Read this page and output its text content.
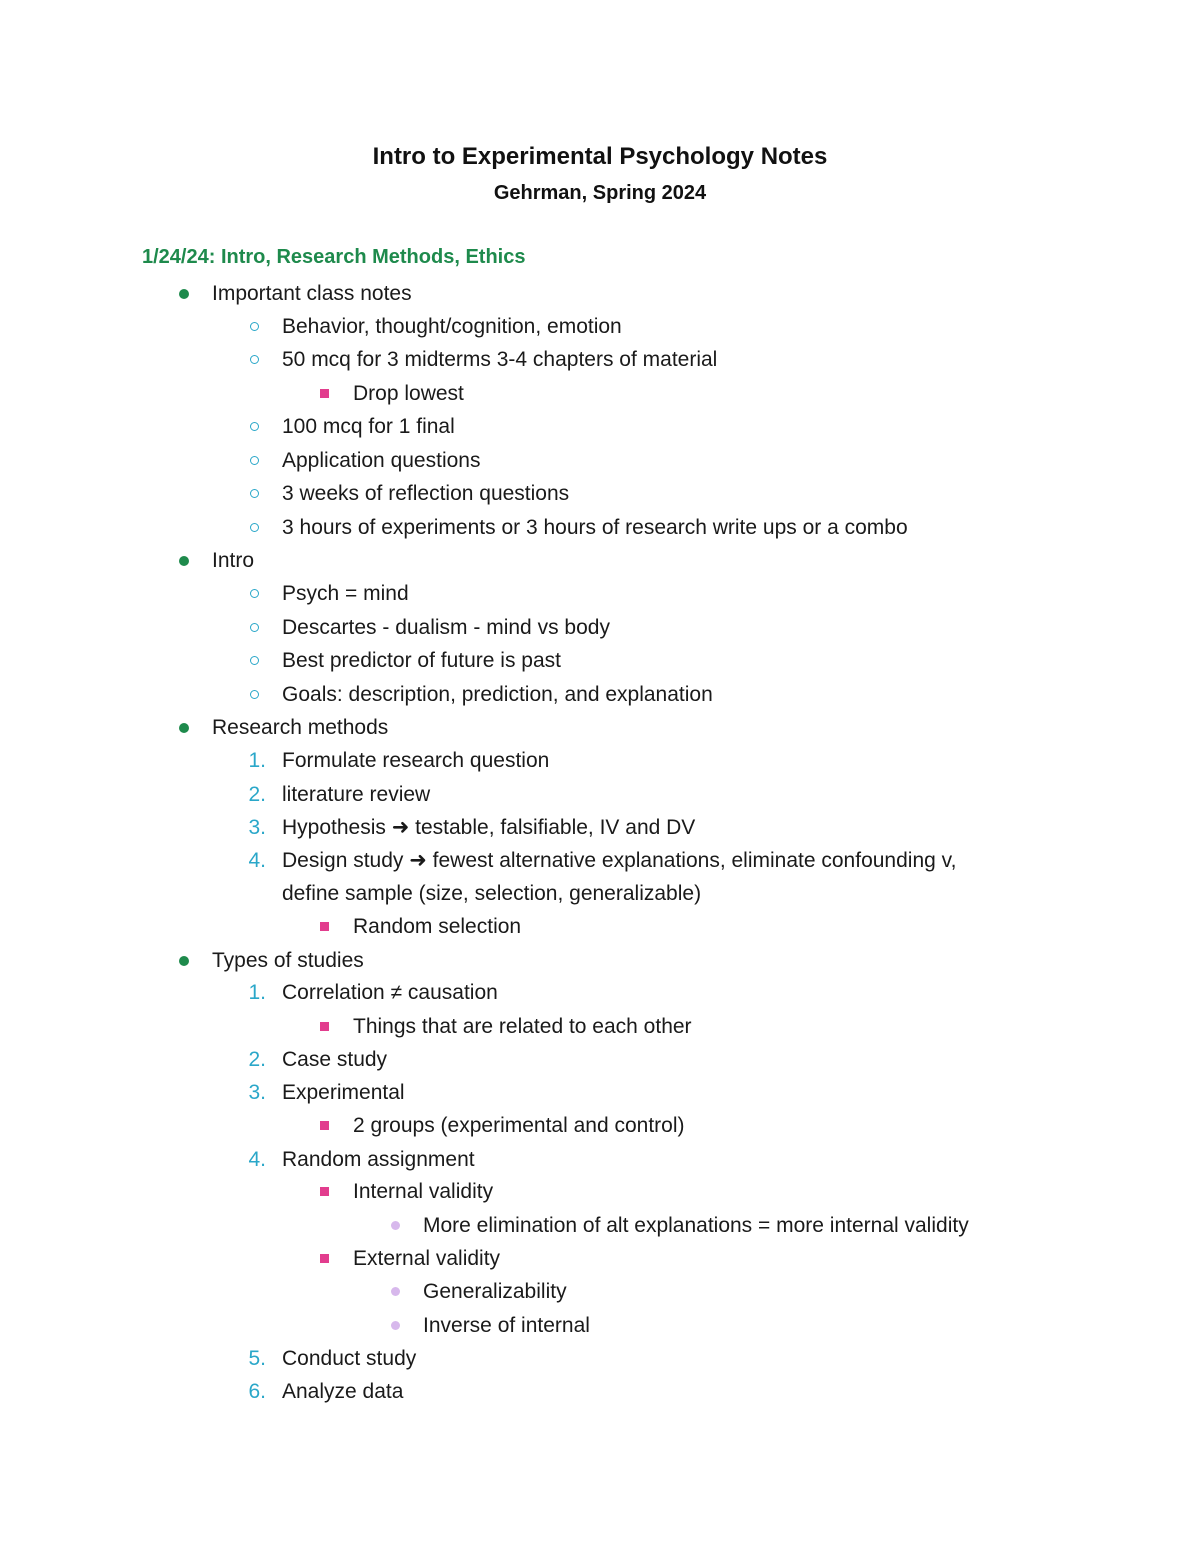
Intro to Experimental Psychology Notes
Gehrman, Spring 2024
1/24/24: Intro, Research Methods, Ethics
Important class notes
Behavior, thought/cognition, emotion
50 mcq for 3 midterms 3-4 chapters of material
Drop lowest
100 mcq for 1 final
Application questions
3 weeks of reflection questions
3 hours of experiments or 3 hours of research write ups or a combo
Intro
Psych = mind
Descartes - dualism - mind vs body
Best predictor of future is past
Goals: description, prediction, and explanation
Research methods
1. Formulate research question
2. literature review
3. Hypothesis ➜ testable, falsifiable, IV and DV
4. Design study ➜ fewest alternative explanations, eliminate confounding v,
define sample (size, selection, generalizable)
Random selection
Types of studies
1. Correlation ≠ causation
Things that are related to each other
2. Case study
3. Experimental
2 groups (experimental and control)
4. Random assignment
Internal validity
More elimination of alt explanations = more internal validity
External validity
Generalizability
Inverse of internal
5. Conduct study
6. Analyze data
